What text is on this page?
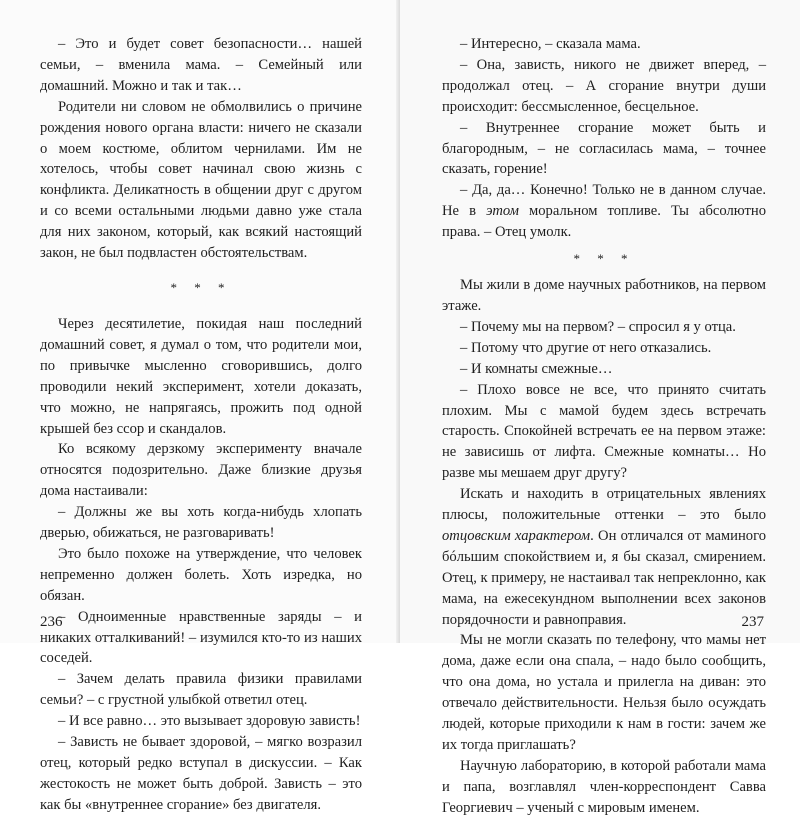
– Это и будет совет безопасности… нашей семьи, – вменила мама. – Семейный или домашний. Можно и так и так…

Родители ни словом не обмолвились о причине рождения нового органа власти: ничего не сказали о моем костюме, облитом чернилами. Им не хотелось, чтобы совет начинал свою жизнь с конфликта. Деликатность в общении друг с другом и со всеми остальными людьми давно уже стала для них законом, который, как всякий настоящий закон, не был подвластен обстоятельствам.

* * *

Через десятилетие, покидая наш последний домашний совет, я думал о том, что родители мои, по привычке мысленно сговорившись, долго проводили некий эксперимент, хотели доказать, что можно, не напрягаясь, прожить под одной крышей без ссор и скандалов.

Ко всякому дерзкому эксперименту вначале относятся подозрительно. Даже близкие друзья дома настаивали:

– Должны же вы хоть когда-нибудь хлопать дверью, обижаться, не разговаривать!

Это было похоже на утверждение, что человек непременно должен болеть. Хоть изредка, но обязан.

– Одноименные нравственные заряды – и никаких отталкиваний! – изумился кто-то из наших соседей.

– Зачем делать правила физики правилами семьи? – с грустной улыбкой ответил отец.

– И все равно… это вызывает здоровую зависть!

– Зависть не бывает здоровой, – мягко возразил отец, который редко вступал в дискуссии. – Как жестокость не может быть доброй. Зависть – это как бы «внутреннее сгорание» без двигателя.

236

– Интересно, – сказала мама.

– Она, зависть, никого не движет вперед, – продолжал отец. – А сгорание внутри души происходит: бессмысленное, бесцельное.

– Внутреннее сгорание может быть и благородным, – не согласилась мама, – точнее сказать, горение!

– Да, да… Конечно! Только не в данном случае. Не в этом моральном топливе. Ты абсолютно права. – Отец умолк.

* * *

Мы жили в доме научных работников, на первом этаже.

– Почему мы на первом? – спросил я у отца.

– Потому что другие от него отказались.

– И комнаты смежные…

– Плохо вовсе не все, что принято считать плохим. Мы с мамой будем здесь встречать старость. Спокойней встречать ее на первом этаже: не зависишь от лифта. Смежные комнаты… Но разве мы мешаем друг другу?

Искать и находить в отрицательных явлениях плюсы, положительные оттенки – это было отцовским характером. Он отличался от маминого бóльшим спокойствием и, я бы сказал, смирением. Отец, к примеру, не настаивал так непреклонно, как мама, на ежесекундном выполнении всех законов порядочности и равноправия.

Мы не могли сказать по телефону, что мамы нет дома, даже если она спала, – надо было сообщить, что она дома, но устала и прилегла на диван: это отвечало действительности. Нельзя было осуждать людей, которые приходили к нам в гости: зачем же их тогда приглашать?

Научную лабораторию, в которой работали мама и папа, возглавлял член-корреспондент Савва Георгиевич – ученый с мировым именем.

237
